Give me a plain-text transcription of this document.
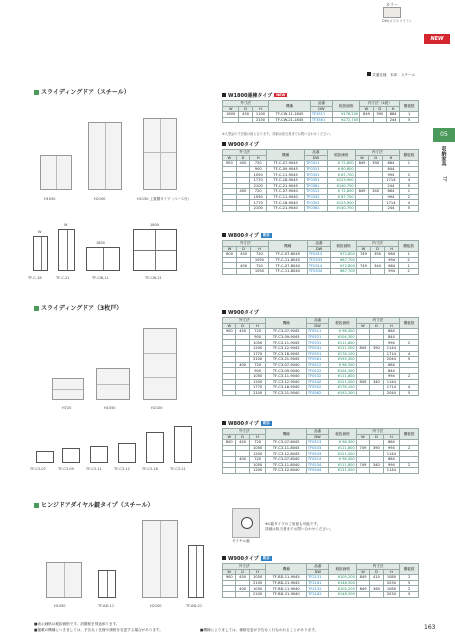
カラー
DW(オフホワイト)
NEW
共通仕様　 本体：スチール
05
収納家具
TF
スライディングドア（スチール）
H1050	H2100	H2150 上置棚タイプ（ベース付）
TF-C-18	TF-C-21	TF-CW-11	TF-CW-21
W
W
1800
1800
W1800連棟タイプ NEW
外寸法			機種	品番	税抜価格	内寸法（1段）			棚板数
W	D	H		DW		W	D	H	
1800	450	1100	TF-CW-11-1845	TF3511	¥176,200	849	390	884	1
		2150	TF-CW-21-1845	TF3561	¥272,700			244	5
※大型品の寸法値は仮となります。詳細は担当者までお問い合わせください。
W900タイプ
外寸法			機種	品番	税抜価格	内寸法			棚板数
W	D	H		DW		W	D	H	
900	450	720	TF-C-07-9045	TF0311	¥ 72,800	849	390	664	1
		900	TF-C-09-9045	TF0321	¥ 80,800			844	
		1050	TF-C-11-9045	TF0331	¥ 87,700			994	2
		1770	TF-C-18-9045	TF0351	¥123,900			1714	4
		2100	TF-C-21-9045	TF0361	¥140,700			244	5
	400	720	TF-C-07-9040	TF0312	¥ 72,800	849	340	664	1
		1050	TF-C-11-9040	TF0332	¥ 87,700			994	2
		1770	TF-C-18-9040	TF0352	¥123,900			1714	4
		2100	TF-C-21-9040	TF0362	¥140,700			244	5
W800タイプ 既存
外寸法			機種	品番	税抜価格	内寸法			棚板数
W	D	H		DW		W	D	H	
800	450	720	TF-C-07-8045	TF0313	¥72,800	749	390	664	1
		1050	TF-C-11-8045	TF0333	¥87,700			994	2
	400	720	TF-C-07-8040	TF0314	¥72,800	749	340	664	1
		1050	TF-C-11-8040	TF0334	¥87,700			994	2
スライディングドア（3枚戸）
H720	H1050	H2100
TF-C3-07	TF-C3-09	TF-C3-11	TF-C3-12	TF-C3-18	TF-C3-21
W900タイプ
外寸法			機種	品番	税抜価格	内寸法			棚板数
W	D	H		DW		W	D	H	
900	450	720	TF-C3-07-9045	TF0511	¥ 96,300			664	
		900	TF-C3-09-9045	TF0521	¥104,300			844	
		1050	TF-C3-11-9045	TF0531	¥111,800			994	2
		1200	TF-C3-12-9045	TF0541	¥121,500	849	390	1144	
		1770	TF-C3-18-9045	TF0551	¥176,100			1714	4
		2100	TF-C3-21-9045	TF0561	¥193,300			2044	5
	400	720	TF-C3-07-9040	TF0512	¥ 96,300			664	
		900	TF-C3-09-9040	TF0522	¥104,300			844	
		1050	TF-C3-11-9040	TF0532	¥111,800			994	2
		1200	TF-C3-12-9040	TF0542	¥121,500	849	340	1144	
		1770	TF-C3-18-9040	TF0552	¥176,100			1714	4
		2100	TF-C3-21-9040	TF0562	¥193,300			2044	5
W800タイプ 既存
外寸法			機種	品番	税抜価格	内寸法			棚板数
W	D	H		DW		W	D	H	
800	450	720	TF-C3-07-8045	TF0513	¥ 96,300			664	
		1050	TF-C3-11-8045	TF0533	¥111,800	749	390	994	2
		1200	TF-C3-12-8045	TF0543	¥121,500			1144	
	400	720	TF-C3-07-8040	TF0514	¥ 96,300			664	
		1050	TF-C3-11-8040	TF0534	¥111,800	749	340	994	2
		1200	TF-C3-12-8040	TF0544	¥121,500			1144	
ヒンジドアダイヤル錠タイプ（スチール）
H1050	H2100
TF-BD-11	TF-BD-21
ダイヤル錠
※C錠タイプのご用意も可能です。
詳細は担当者までお問い合わせください。
W900タイプ 既存
外寸法			機種	品番	税抜価格	内寸法			棚板数
W	D	H		DW		W	D	H	
900	450	1050	TF-BD-11-9045	TF2131	¥105,200	849	410	1080	2
		2100	TF-BD-21-9045	TF2161	¥148,500			2030	5
	400	1050	TF-BD-11-9040	TF2132	¥105,200	849	360	1080	2
		2100	TF-BD-21-9040	TF2162	¥148,500			2030	5
■表示価格は税抜価格です。消費税を別途承ります。
■掲載の機種につきましては、予告なく仕様や価格を変更する場合があります。	■機種によりましては、価格変更が予告なく行なわれることがあります。	163
